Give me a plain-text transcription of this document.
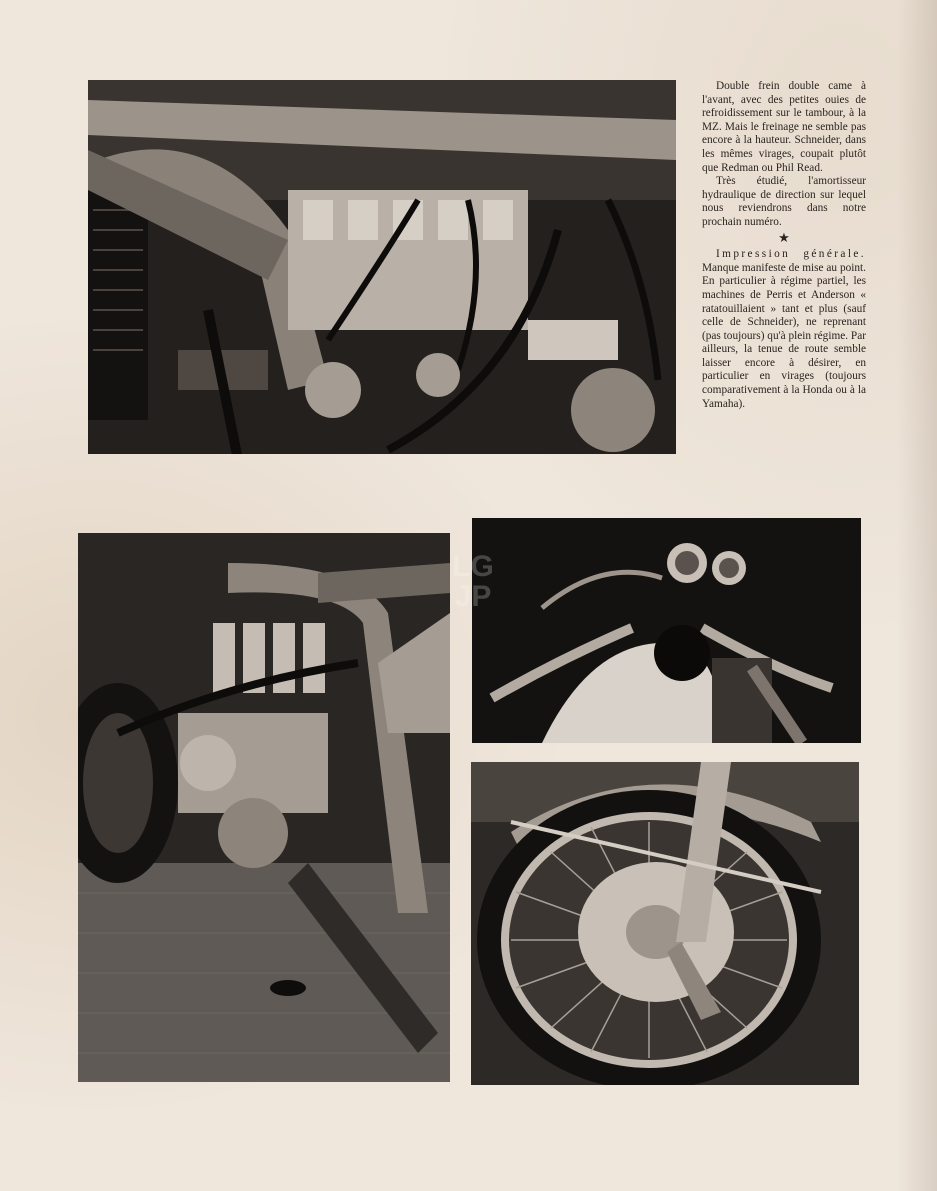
Double frein double came à l'avant, avec des petites ouies de refroidissement sur le tambour, à la MZ. Mais le freinage ne semble pas encore à la hauteur. Schneider, dans les mêmes virages, coupait plutôt que Redman ou Phil Read.

Très étudié, l'amortisseur hydraulique de direction sur lequel nous reviendrons dans notre prochain numéro.

★

Impression générale. Manque manifeste de mise au point. En particulier à régime partiel, les machines de Perris et Anderson « ratatouillaient » tant et plus (sauf celle de Schneider), ne reprenant (pas toujours) qu'à plein régime. Par ailleurs, la tenue de route semble laisser encore à désirer, en particulier en virages (toujours comparativement à la Honda ou à la Yamaha).

LG
JP
